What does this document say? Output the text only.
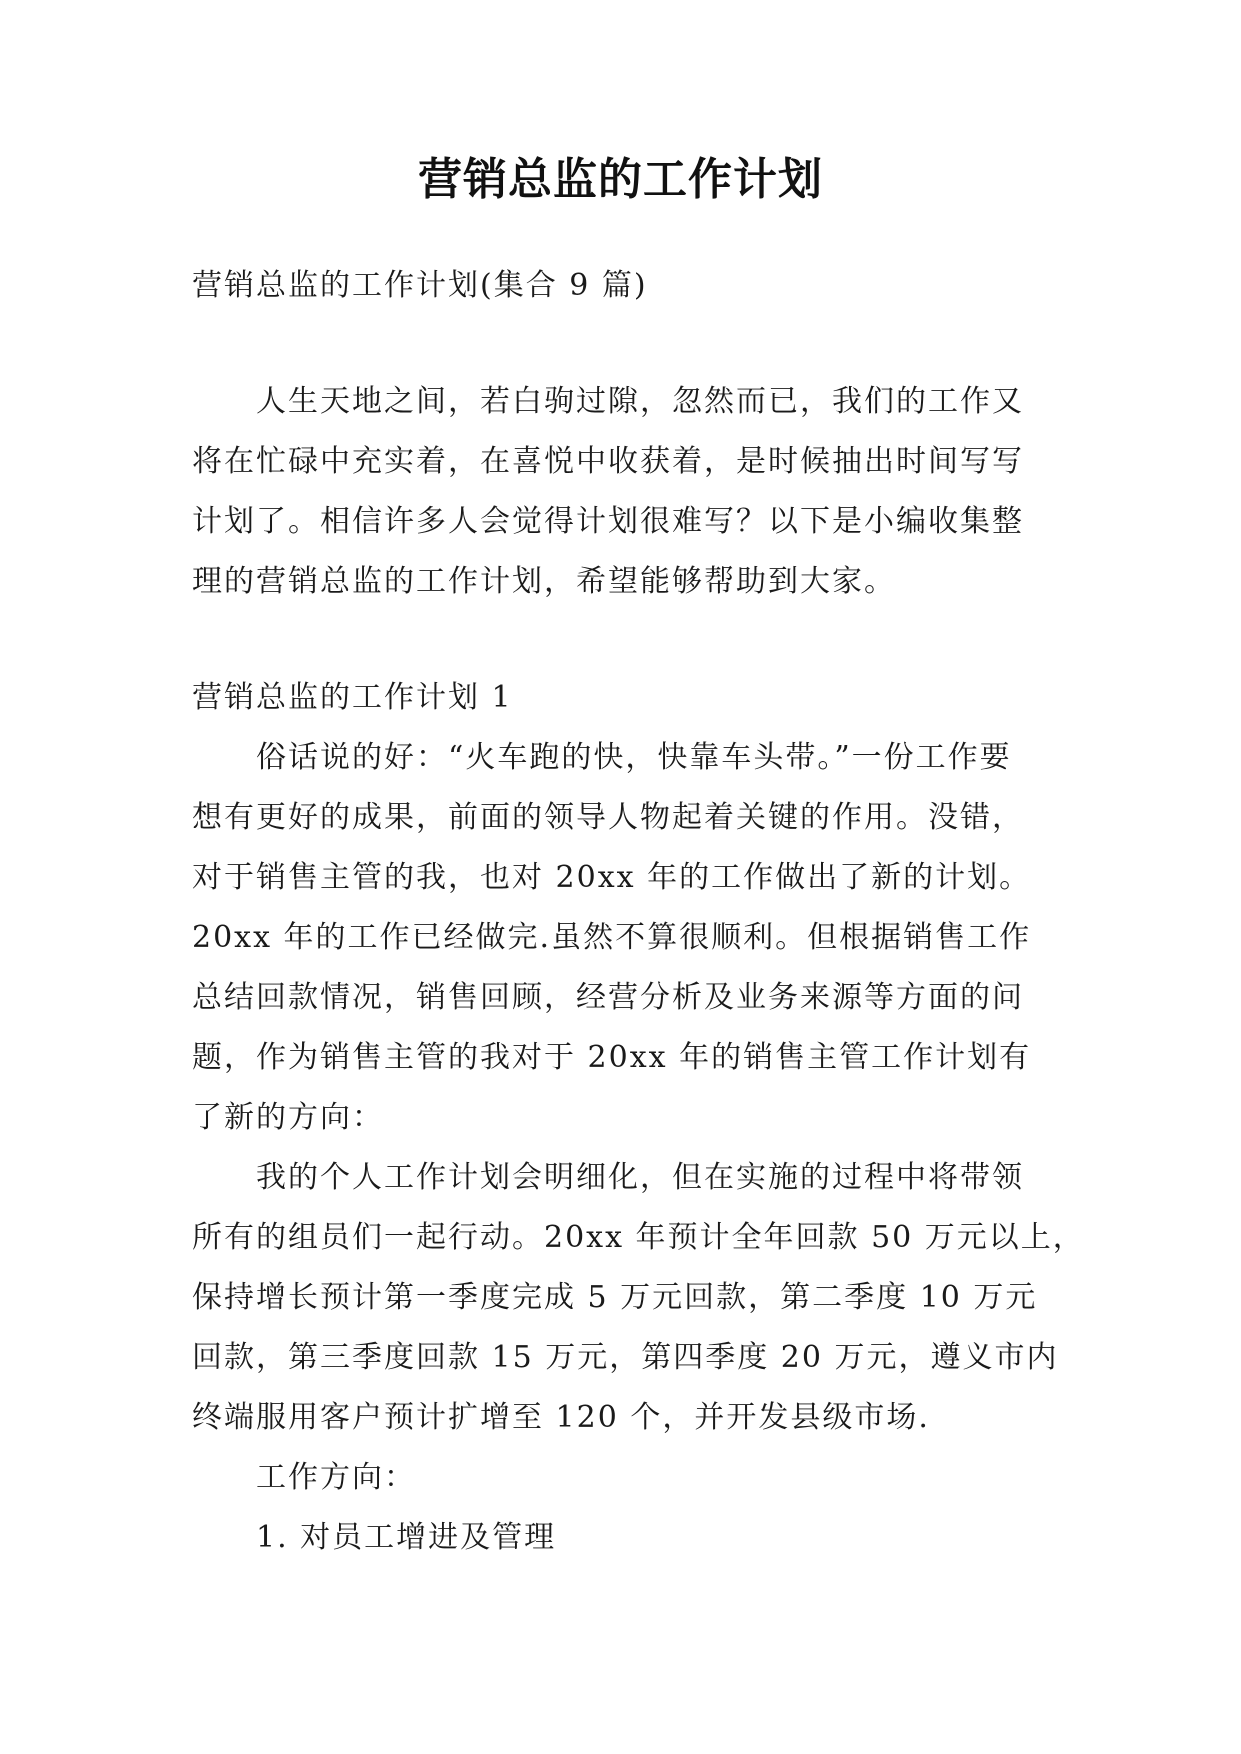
营销总监的工作计划
营销总监的工作计划(集合 9 篇)
人生天地之间，若白驹过隙，忽然而已，我们的工作又
将在忙碌中充实着，在喜悦中收获着，是时候抽出时间写写
计划了。相信许多人会觉得计划很难写？以下是小编收集整
理的营销总监的工作计划，希望能够帮助到大家。
营销总监的工作计划 1
俗话说的好：“火车跑的快，快靠车头带。”一份工作要
想有更好的成果，前面的领导人物起着关键的作用。没错，
对于销售主管的我，也对 20xx 年的工作做出了新的计划。
20xx 年的工作已经做完.虽然不算很顺利。但根据销售工作
总结回款情况，销售回顾，经营分析及业务来源等方面的问
题，作为销售主管的我对于 20xx 年的销售主管工作计划有
了新的方向：
我的个人工作计划会明细化，但在实施的过程中将带领
所有的组员们一起行动。20xx 年预计全年回款 50 万元以上，
保持增长预计第一季度完成 5 万元回款，第二季度 10 万元
回款，第三季度回款 15 万元，第四季度 20 万元，遵义市内
终端服用客户预计扩增至 120 个，并开发县级市场.
工作方向：
1. 对员工增进及管理
